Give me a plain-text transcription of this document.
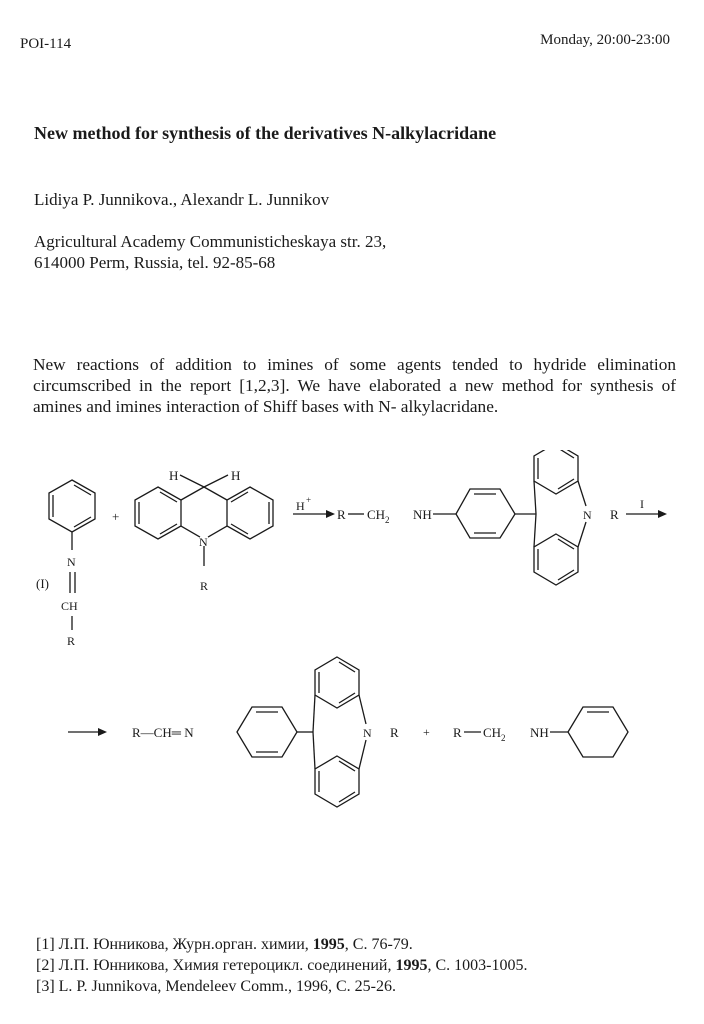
POI-114	Monday, 20:00-23:00
New method for synthesis of the derivatives N-alkylacridane
Lidiya P. Junnikova., Alexandr L. Junnikov
Agricultural Academy Communisticheskaya str. 23,
614000 Perm, Russia, tel. 92-85-68

New reactions of addition to imines of some agents tended to hydride elimination circumscribed in the report [1,2,3]. We have elaborated a new method for synthesis of amines and imines interaction of Shiff bases with N- alkylacridane.

N
(I)
CH
R
+
H	H
N
R
H +
R CH 2 NH	N R
I
R—CH═ N	N R + R CH 2 NH
[1] Л.П. Юнникова, Журн.орган. химии, 1995, С. 76-79.
[2] Л.П. Юнникова, Химия гетероцикл. соединений, 1995, С. 1003-1005.
[3] L. P. Junnikova, Mendeleev Comm., 1996, C. 25-26.
